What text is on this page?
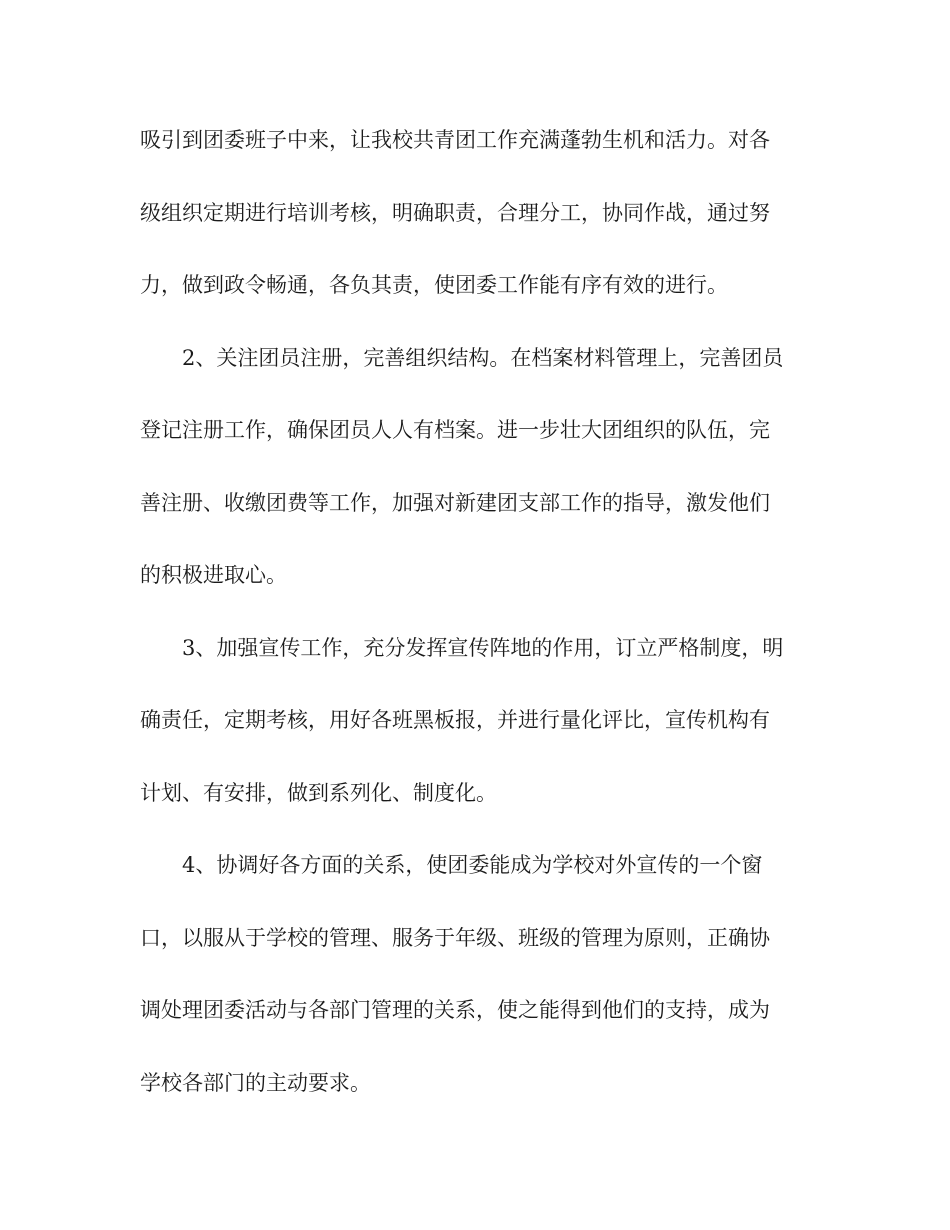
吸引到团委班子中来，让我校共青团工作充满蓬勃生机和活力。对各
级组织定期进行培训考核，明确职责，合理分工，协同作战，通过努
力，做到政令畅通，各负其责，使团委工作能有序有效的进行。
2、关注团员注册，完善组织结构。在档案材料管理上，完善团员
登记注册工作，确保团员人人有档案。进一步壮大团组织的队伍，完
善注册、收缴团费等工作，加强对新建团支部工作的指导，激发他们
的积极进取心。
3、加强宣传工作，充分发挥宣传阵地的作用，订立严格制度，明
确责任，定期考核，用好各班黑板报，并进行量化评比，宣传机构有
计划、有安排，做到系列化、制度化。
4、协调好各方面的关系，使团委能成为学校对外宣传的一个窗
口，以服从于学校的管理、服务于年级、班级的管理为原则，正确协
调处理团委活动与各部门管理的关系，使之能得到他们的支持，成为
学校各部门的主动要求。
